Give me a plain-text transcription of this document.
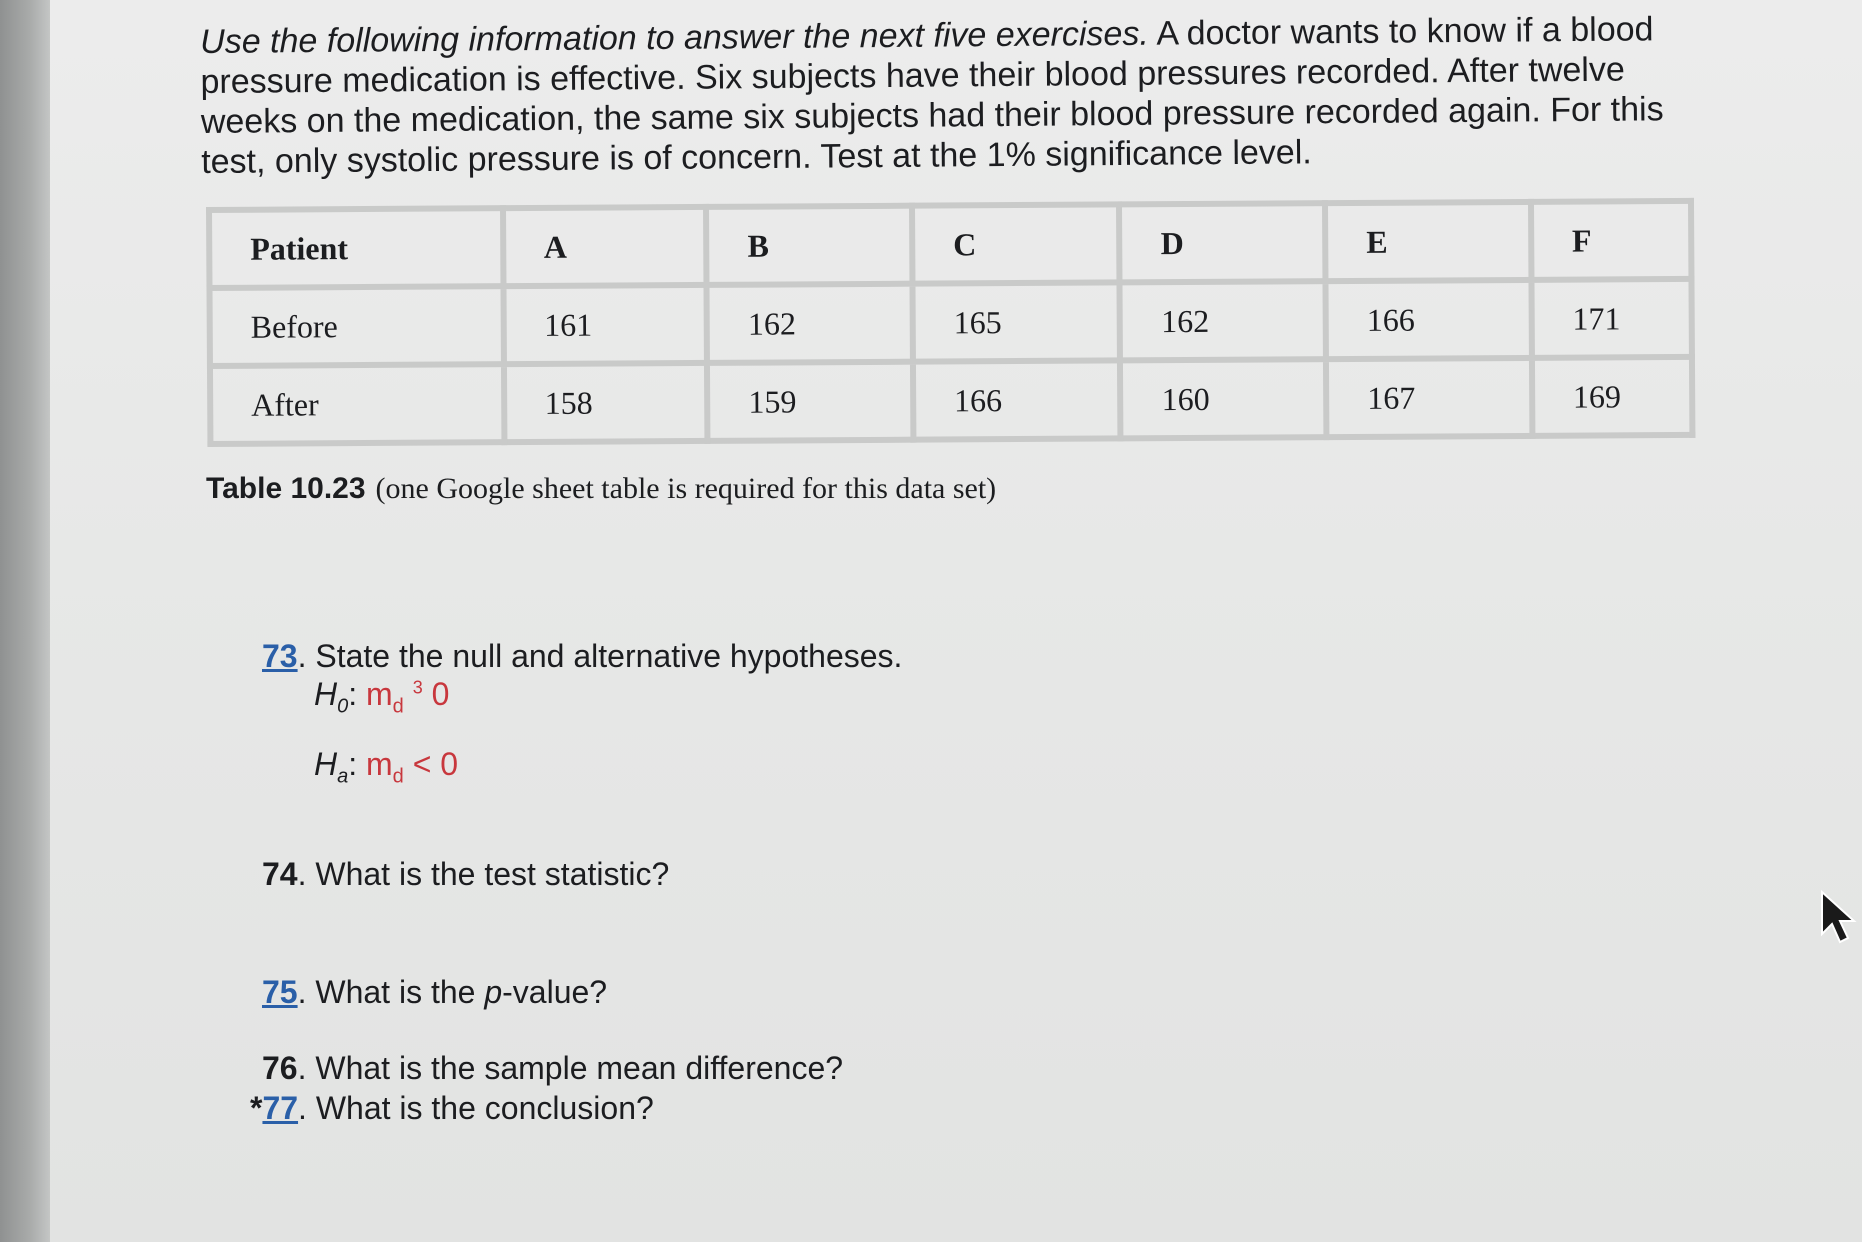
Use the following information to answer the next five exercises. A doctor wants to know if a blood pressure medication is effective. Six subjects have their blood pressures recorded. After twelve weeks on the medication, the same six subjects had their blood pressure recorded again. For this test, only systolic pressure is of concern. Test at the 1% significance level.
Patient	A	B	C	D	E	F
Before	161	162	165	162	166	171
After	158	159	166	160	167	169
Table 10.23 (one Google sheet table is required for this data set)
73. State the null and alternative hypotheses.
$H_0$: $m_d$ $^3$ 0
$H_a$: $m_d < 0$
74. What is the test statistic?
75. What is the p-value?
76. What is the sample mean difference?
*77. What is the conclusion?
